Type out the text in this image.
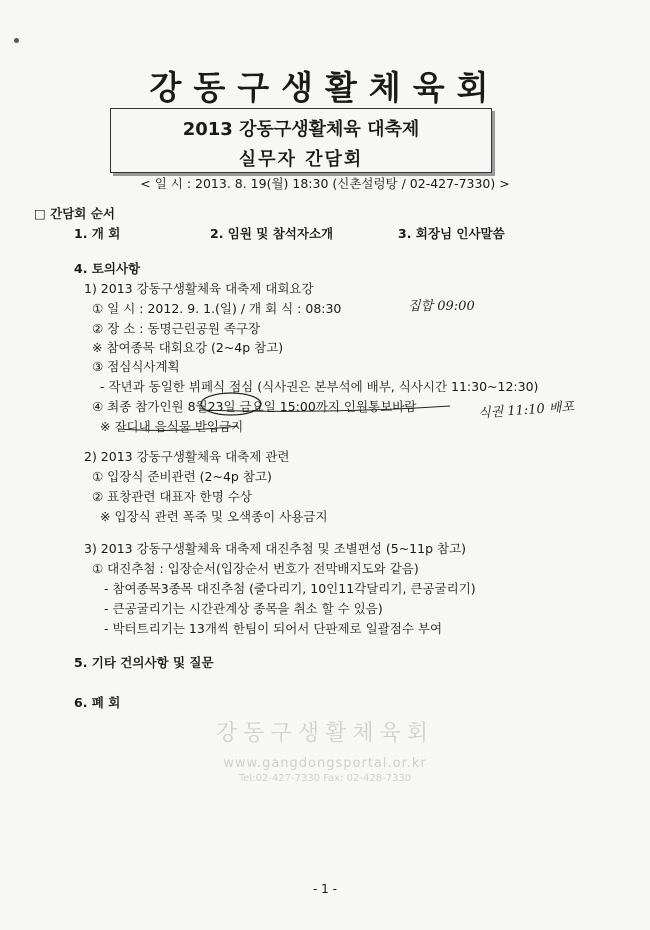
강동구생활체육회
2013 강동구생활체육 대축제
실무자 간담회
< 일 시 : 2013. 8. 19(월) 18:30 (신촌설렁탕 / 02-427-7330) >
□ 간담회 순서
1. 개 회	2. 임원 및 참석자소개	3. 회장님 인사말씀
4. 토의사항
1) 2013 강동구생활체육 대축제 대회요강
① 일 시 : 2012. 9. 1.(일) / 개 회 식 : 08:30	집합 09:00
② 장 소 : 동명근린공원 족구장
※ 참여종목 대회요강 (2~4p 참고)
③ 점심식사계획
- 작년과 동일한 뷔페식 점심 (식사권은 본부석에 배부, 식사시간 11:30~12:30)
④ 최종 참가인원 8월23일 금요일 15:00까지 인원통보바람	식권 11:10 배포
※ 잔디내 음식물 반입금지
2) 2013 강동구생활체육 대축제 관련
① 입장식 준비관련 (2~4p 참고)
② 표창관련 대표자 한명 수상
※ 입장식 관련 폭죽 및 오색종이 사용금지
3) 2013 강동구생활체육 대축제 대진추첨 및 조별편성 (5~11p 참고)
① 대진추첨 : 입장순서(입장순서 번호가 전막배지도와 같음)
- 참여종목3종목 대진추첨 (줄다리기, 10인11각달리기, 큰공굴리기)
- 큰공굴리기는 시간관계상 종목을 취소 할 수 있음)
- 박터트리기는 13개씩 한팀이 되어서 단판제로 일괄점수 부여
5. 기타 건의사항 및 질문
6. 폐 회
강동구생활체육회
www.gangdongsportal.or.kr
Tel:02-427-7330 Fax: 02-428-7330
- 1 -
